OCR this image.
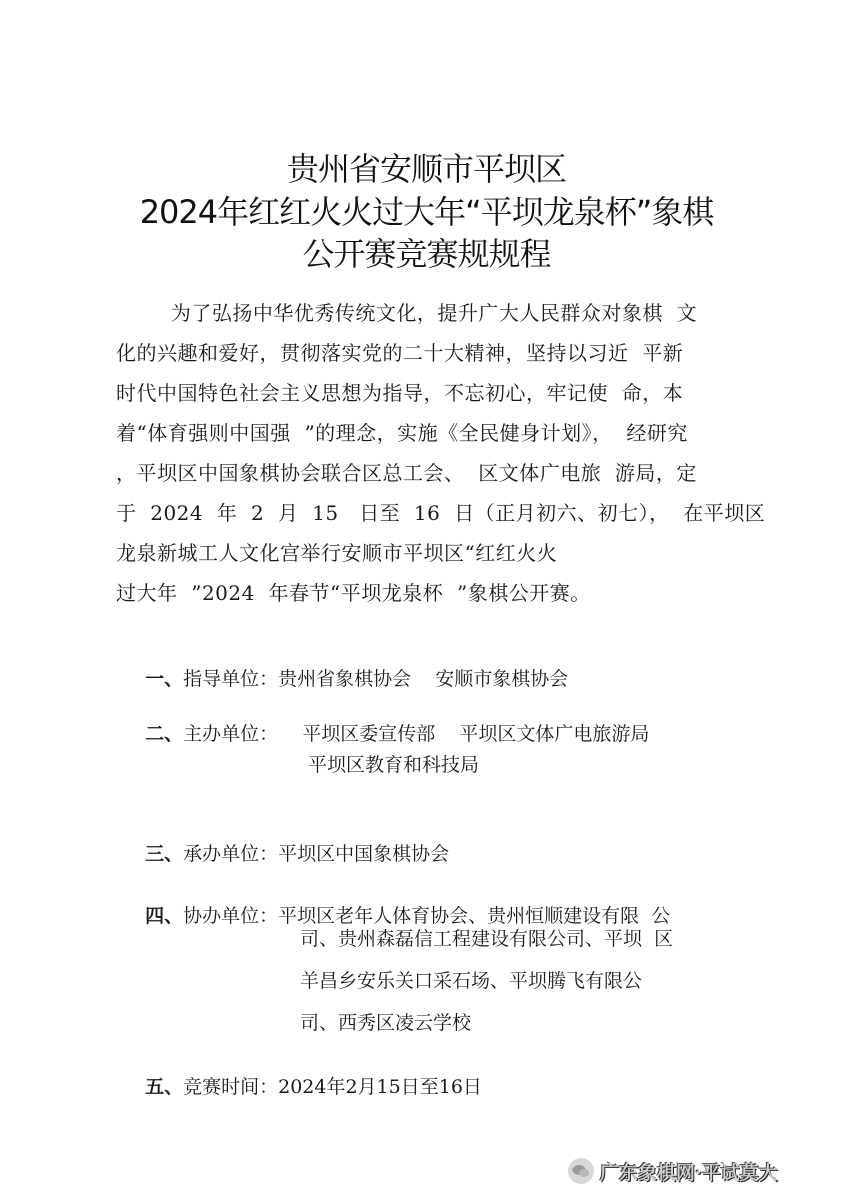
贵州省安顺市平坝区
2024年红红火火过大年“平坝龙泉杯”象棋
公开赛竞赛规规程
为了弘扬中华优秀传统文化，提升广大人民群众对象棋  文
化的兴趣和爱好，贯彻落实党的二十大精神，坚持以习近  平新
时代中国特色社会主义思想为指导，不忘初心，牢记使  命，本
着“体育强则中国强  ”的理念，实施《全民健身计划》，  经研究
，平坝区中国象棋协会联合区总工会、  区文体广电旅  游局，定
于  2024  年  2  月  15   日至  16  日（正月初六、初七），  在平坝区
龙泉新城工人文化宫举行安顺市平坝区“红红火火
过大年  ”2024  年春节“平坝龙泉杯  ”象棋公开赛。

一、指导单位：贵州省象棋协会    安顺市象棋协会

二、主办单位：    平坝区委宣传部    平坝区文体广电旅游局

平坝区教育和科技局

三、承办单位：平坝区中国象棋协会

四、协办单位：平坝区老年人体育协会、贵州恒顺建设有限  公

司、贵州森磊信工程建设有限公司、平坝  区
羊昌乡安乐关口采石场、平坝腾飞有限公
司、西秀区凌云学校

五、竞赛时间：2024年2月15日至16日

广东象棋网·平试莫大
